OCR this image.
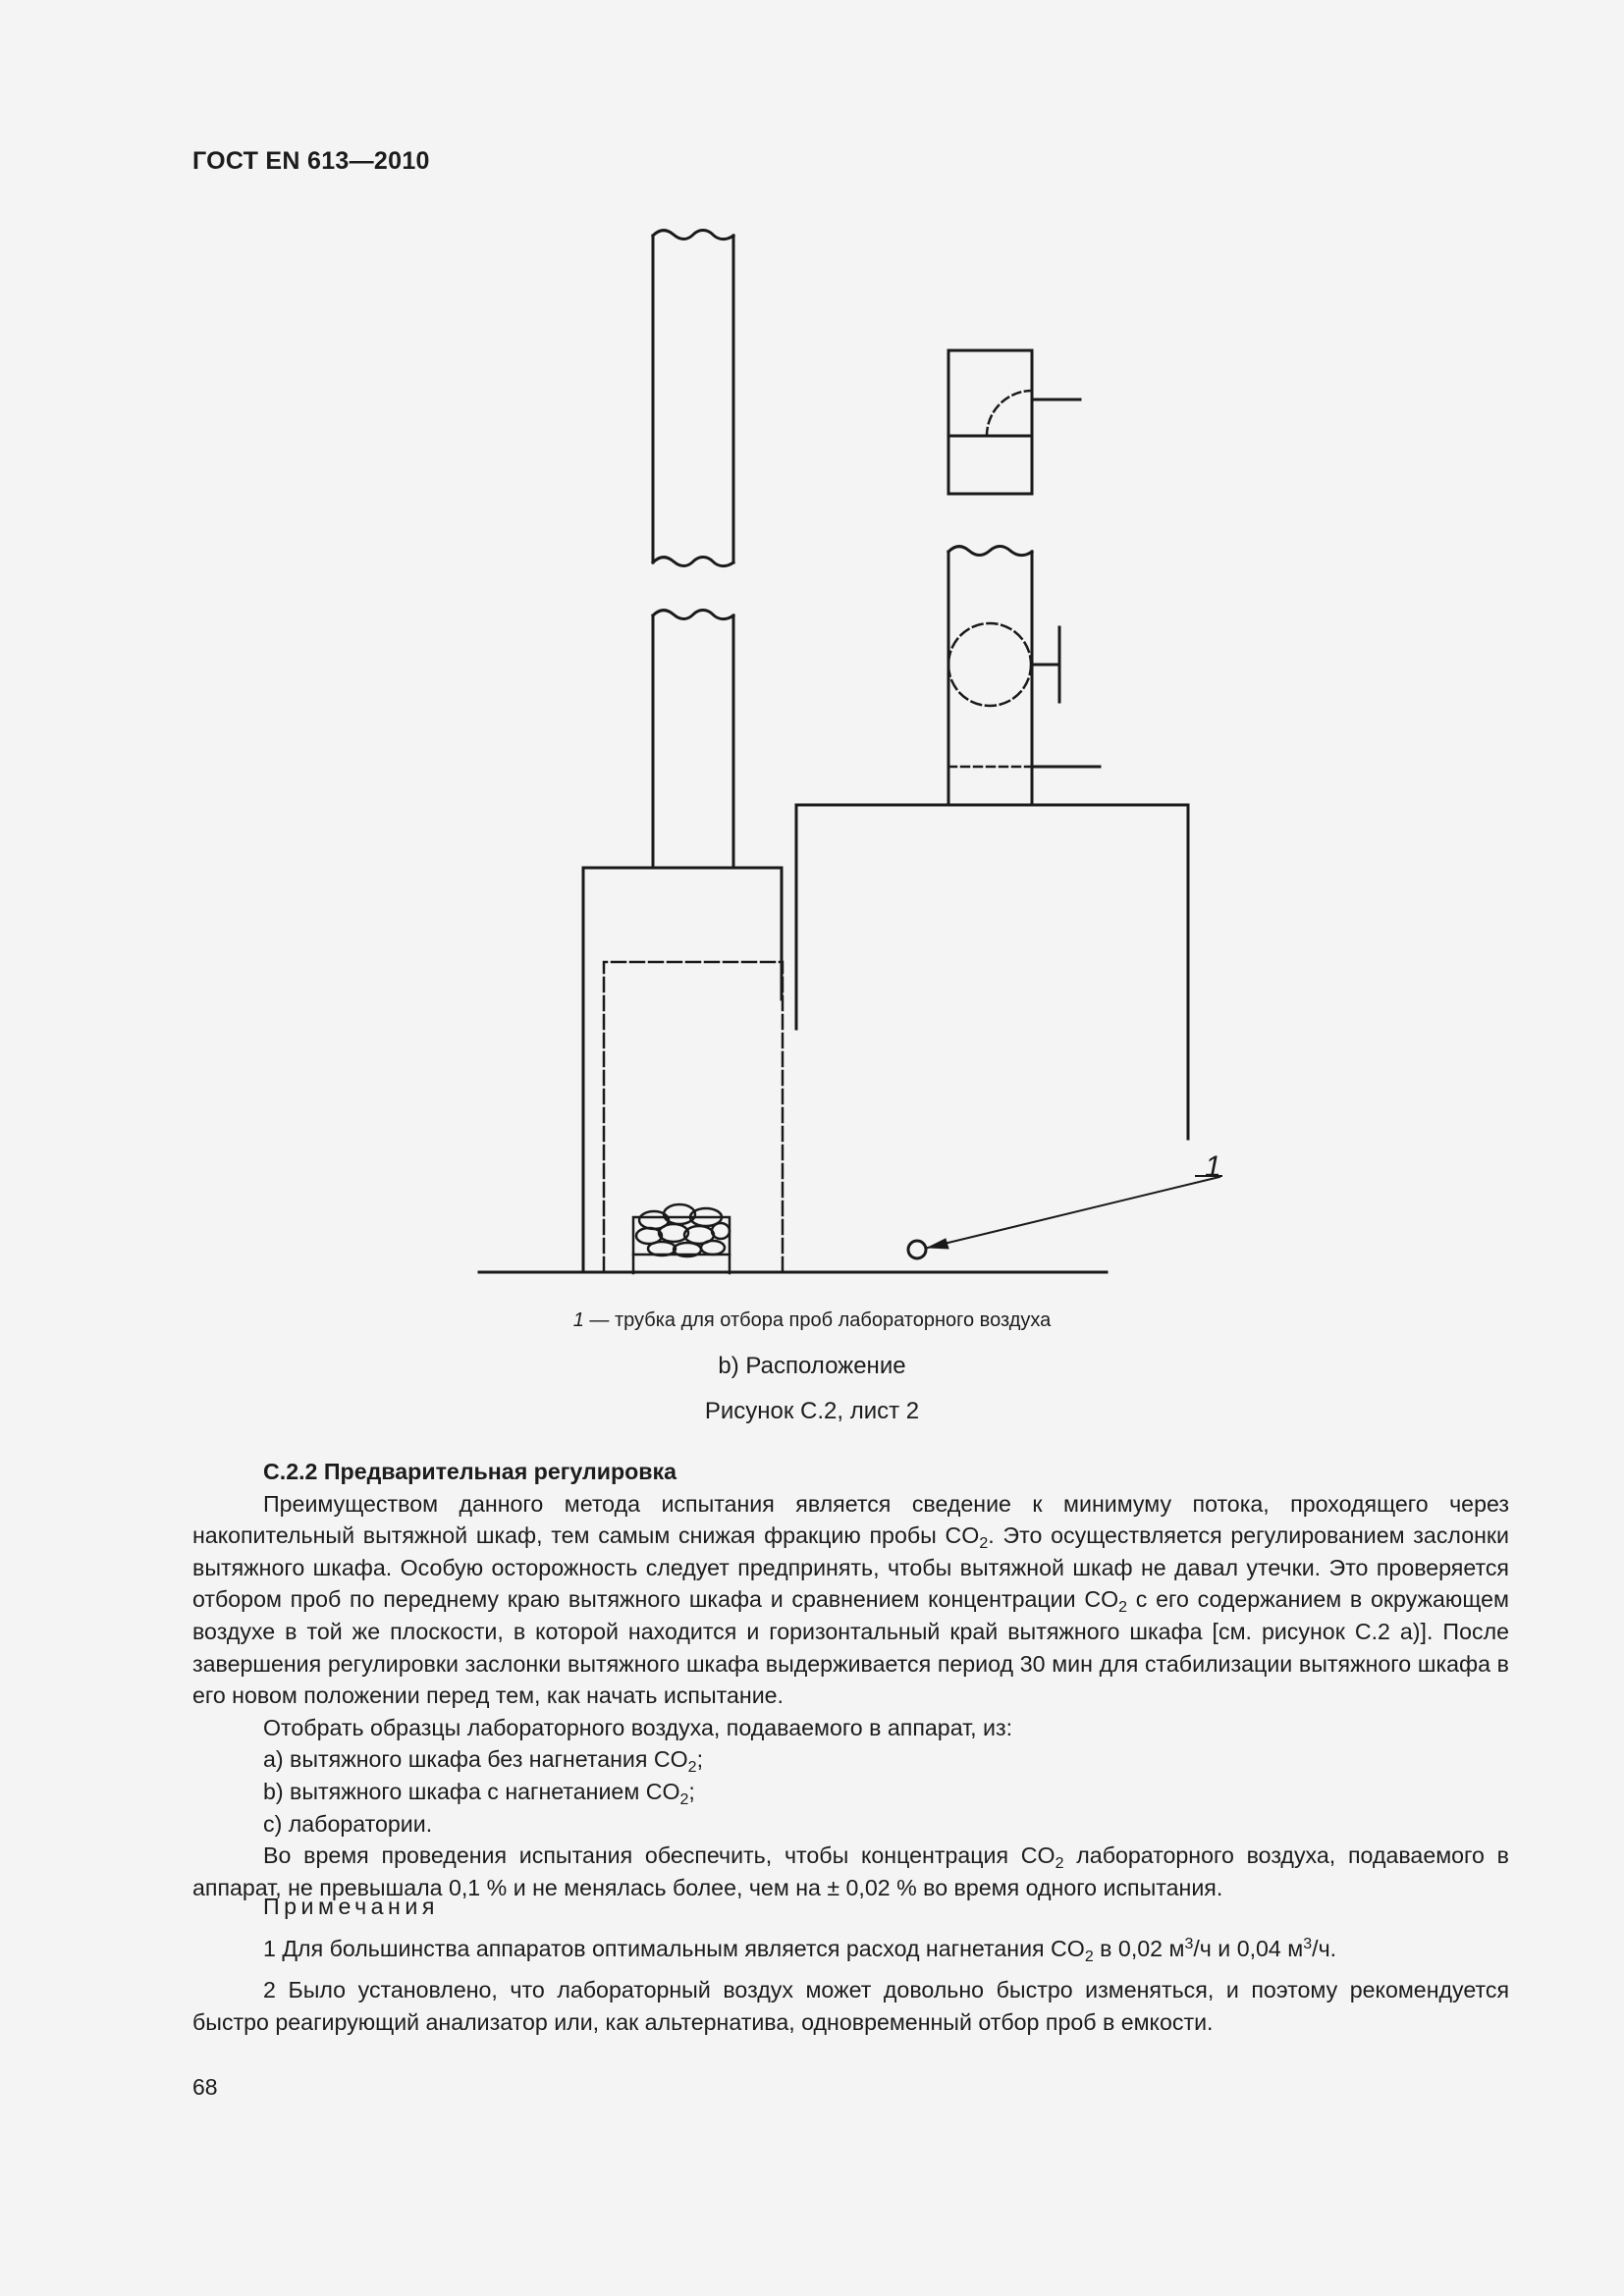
ГОСТ EN 613—2010
1
1 — трубка для отбора проб лабораторного воздуха
b) Расположение
Рисунок С.2, лист 2

С.2.2 Предварительная регулировка

Преимуществом данного метода испытания является сведение к минимуму потока, проходящего через накопительный вытяжной шкаф, тем самым снижая фракцию пробы $CO_2$. Это осуществляется регулированием заслонки вытяжного шкафа. Особую осторожность следует предпринять, чтобы вытяжной шкаф не давал утечки. Это проверяется отбором проб по переднему краю вытяжного шкафа и сравнением концентрации $CO_2$ с его содержанием в окружающем воздухе в той же плоскости, в которой находится и горизонтальный край вытяжного шкафа [см. рисунок С.2 a)]. После завершения регулировки заслонки вытяжного шкафа выдерживается период 30 мин для стабилизации вытяжного шкафа в его новом положении перед тем, как начать испытание.

Отобрать образцы лабораторного воздуха, подаваемого в аппарат, из:

a) вытяжного шкафа без нагнетания $CO_2$;

b) вытяжного шкафа с нагнетанием $CO_2$;

c) лаборатории.

Во время проведения испытания обеспечить, чтобы концентрация $CO_2$ лабораторного воздуха, подаваемого в аппарат, не превышала 0,1 % и не менялась более, чем на ± 0,02 % во время одного испытания.

Примечания

1 Для большинства аппаратов оптимальным является расход нагнетания $CO_2$ в 0,02 $м^3/ч$ и 0,04 $м^3/ч$.

2 Было установлено, что лабораторный воздух может довольно быстро изменяться, и поэтому рекомендуется быстро реагирующий анализатор или, как альтернатива, одновременный отбор проб в емкости.

68
